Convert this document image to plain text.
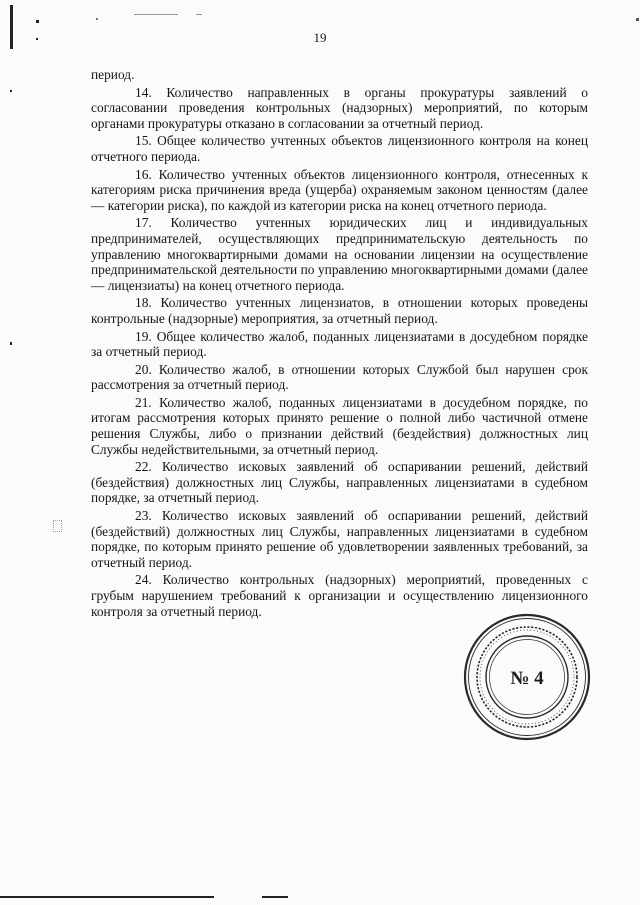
19

период.

14. Количество направленных в органы прокуратуры заявлений о согласовании проведения контрольных (надзорных) мероприятий, по которым органами прокуратуры отказано в согласовании за отчетный период.

15. Общее количество учтенных объектов лицензионного контроля на конец отчетного периода.

16. Количество учтенных объектов лицензионного контроля, отнесенных к категориям риска причинения вреда (ущерба) охраняемым законом ценностям (далее — категории риска), по каждой из категории риска на конец отчетного периода.

17. Количество учтенных юридических лиц и индивидуальных предпринимателей, осуществляющих предпринимательскую деятельность по управлению многоквартирными домами на основании лицензии на осуществление предпринимательской деятельности по управлению многоквартирными домами (далее — лицензиаты) на конец отчетного периода.

18. Количество учтенных лицензиатов, в отношении которых проведены контрольные (надзорные) мероприятия, за отчетный период.

19. Общее количество жалоб, поданных лицензиатами в досудебном порядке за отчетный период.

20. Количество жалоб, в отношении которых Службой был нарушен срок рассмотрения за отчетный период.

21. Количество жалоб, поданных лицензиатами в досудебном порядке, по итогам рассмотрения которых принято решение о полной либо частичной отмене решения Службы, либо о признании действий (бездействия) должностных лиц Службы недействительными, за отчетный период.

22. Количество исковых заявлений об оспаривании решений, действий (бездействия) должностных лиц Службы, направленных лицензиатами в судебном порядке, за отчетный период.

23. Количество исковых заявлений об оспаривании решений, действий (бездействий) должностных лиц Службы, направленных лицензиатами в судебном порядке, по которым принято решение об удовлетворении заявленных требований, за отчетный период.

24. Количество контрольных (надзорных) мероприятий, проведенных с грубым нарушением требований к организации и осуществлению лицензионного контроля за отчетный период.

№ 4
